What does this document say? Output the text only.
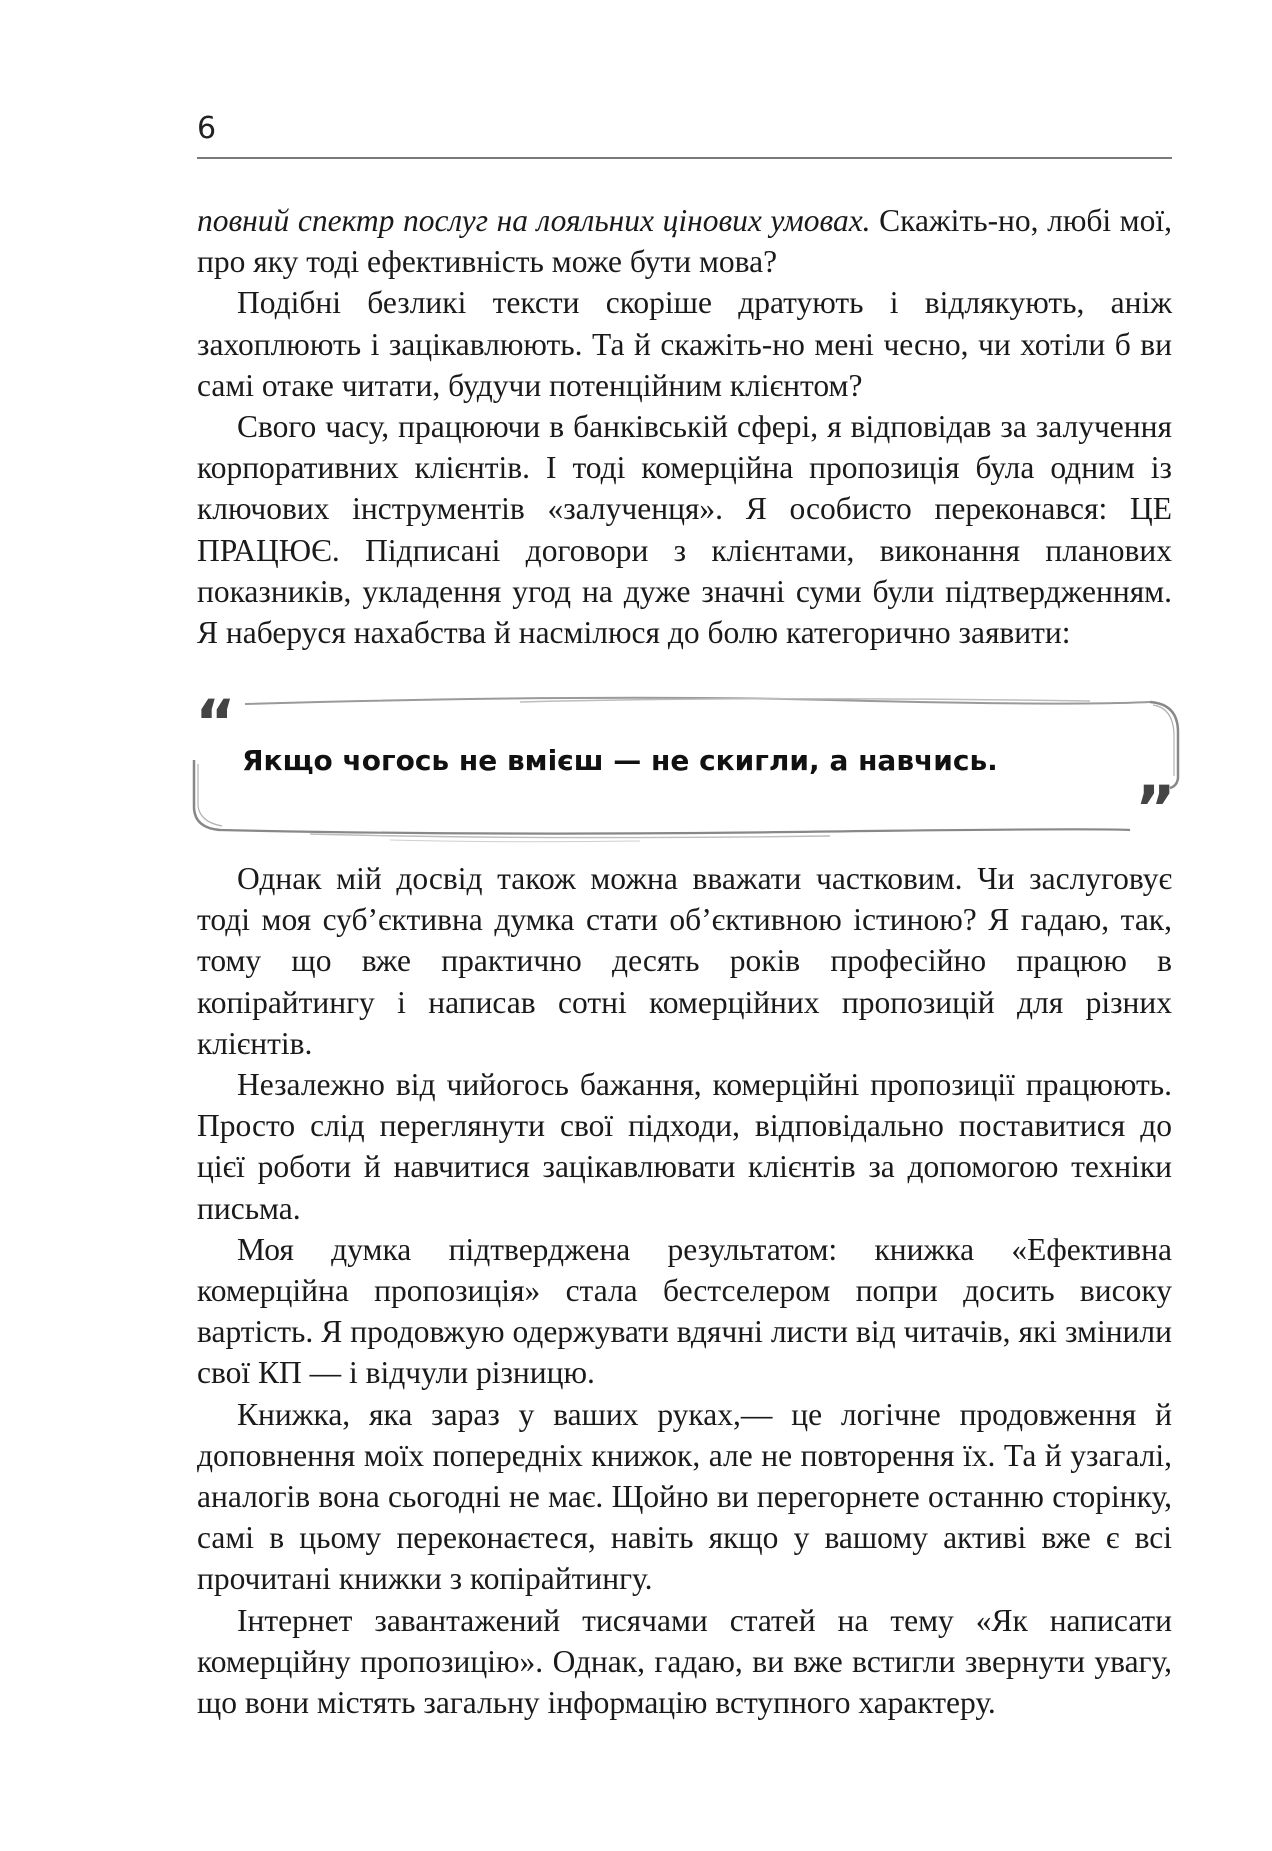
6

повний спектр послуг на лояльних цінових умовах. Скажіть-но, любі мої, про яку тоді ефективність може бути мова?

Подібні безликі тексти скоріше дратують і відлякують, аніж захоплюють і зацікавлюють. Та й скажіть-но мені чесно, чи хотіли б ви самі отаке читати, будучи потенційним клієнтом?

Свого часу, працюючи в банківській сфері, я відповідав за залучення корпоративних клієнтів. І тоді комерційна пропозиція була одним із ключових інструментів «залученця». Я особисто переконався: ЦЕ ПРАЦЮЄ. Підписані договори з клієнтами, виконання планових показників, укладення угод на дуже значні суми були підтвердженням. Я наберуся нахабства й насмілюся до болю категорично заявити:

“
Якщо чогось не вмієш — не скигли, а навчись.
”

Однак мій досвід також можна вважати частковим. Чи заслуговує тоді моя суб’єктивна думка стати об’єктивною істиною? Я гадаю, так, тому що вже практично десять років професійно працюю в копірайтингу і написав сотні комерційних пропозицій для різних клієнтів.

Незалежно від чийогось бажання, комерційні пропозиції працюють. Просто слід переглянути свої підходи, відповідально поставитися до цієї роботи й навчитися зацікавлювати клієнтів за допомогою техніки письма.

Моя думка підтверджена результатом: книжка «Ефективна комерційна пропозиція» стала бестселером попри досить високу вартість. Я продовжую одержувати вдячні листи від читачів, які змінили свої КП — і відчули різницю.

Книжка, яка зараз у ваших руках,— це логічне продовження й доповнення моїх попередніх книжок, але не повторення їх. Та й узагалі, аналогів вона сьогодні не має. Щойно ви перегорнете останню сторінку, самі в цьому переконаєтеся, навіть якщо у вашому активі вже є всі прочитані книжки з копірайтингу.

Інтернет завантажений тисячами статей на тему «Як написати комерційну пропозицію». Однак, гадаю, ви вже встигли звернути увагу, що вони містять загальну інформацію вступного характеру.
